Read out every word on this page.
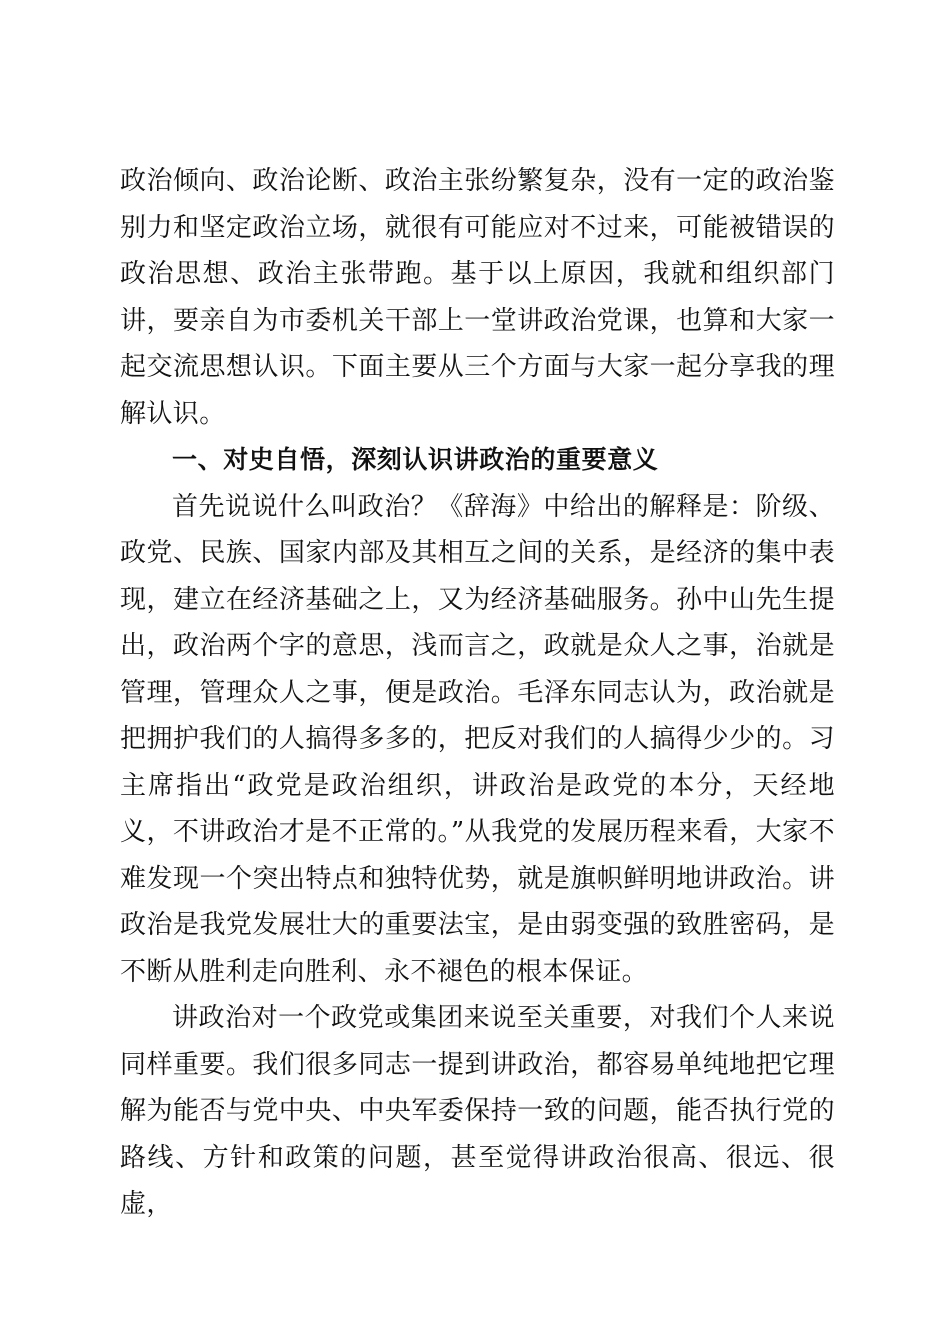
政治倾向、政治论断、政治主张纷繁复杂，没有一定的政治鉴别力和坚定政治立场，就很有可能应对不过来，可能被错误的政治思想、政治主张带跑。基于以上原因，我就和组织部门讲，要亲自为市委机关干部上一堂讲政治党课，也算和大家一起交流思想认识。下面主要从三个方面与大家一起分享我的理解认识。

一、对史自悟，深刻认识讲政治的重要意义

首先说说什么叫政治？《辞海》中给出的解释是：阶级、政党、民族、国家内部及其相互之间的关系，是经济的集中表现，建立在经济基础之上，又为经济基础服务。孙中山先生提出，政治两个字的意思，浅而言之，政就是众人之事，治就是管理，管理众人之事，便是政治。毛泽东同志认为，政治就是把拥护我们的人搞得多多的，把反对我们的人搞得少少的。习主席指出“政党是政治组织，讲政治是政党的本分，天经地义，不讲政治才是不正常的。”从我党的发展历程来看，大家不难发现一个突出特点和独特优势，就是旗帜鲜明地讲政治。讲政治是我党发展壮大的重要法宝，是由弱变强的致胜密码，是不断从胜利走向胜利、永不褪色的根本保证。

讲政治对一个政党或集团来说至关重要，对我们个人来说同样重要。我们很多同志一提到讲政治，都容易单纯地把它理解为能否与党中央、中央军委保持一致的问题，能否执行党的路线、方针和政策的问题，甚至觉得讲政治很高、很远、很虚，
